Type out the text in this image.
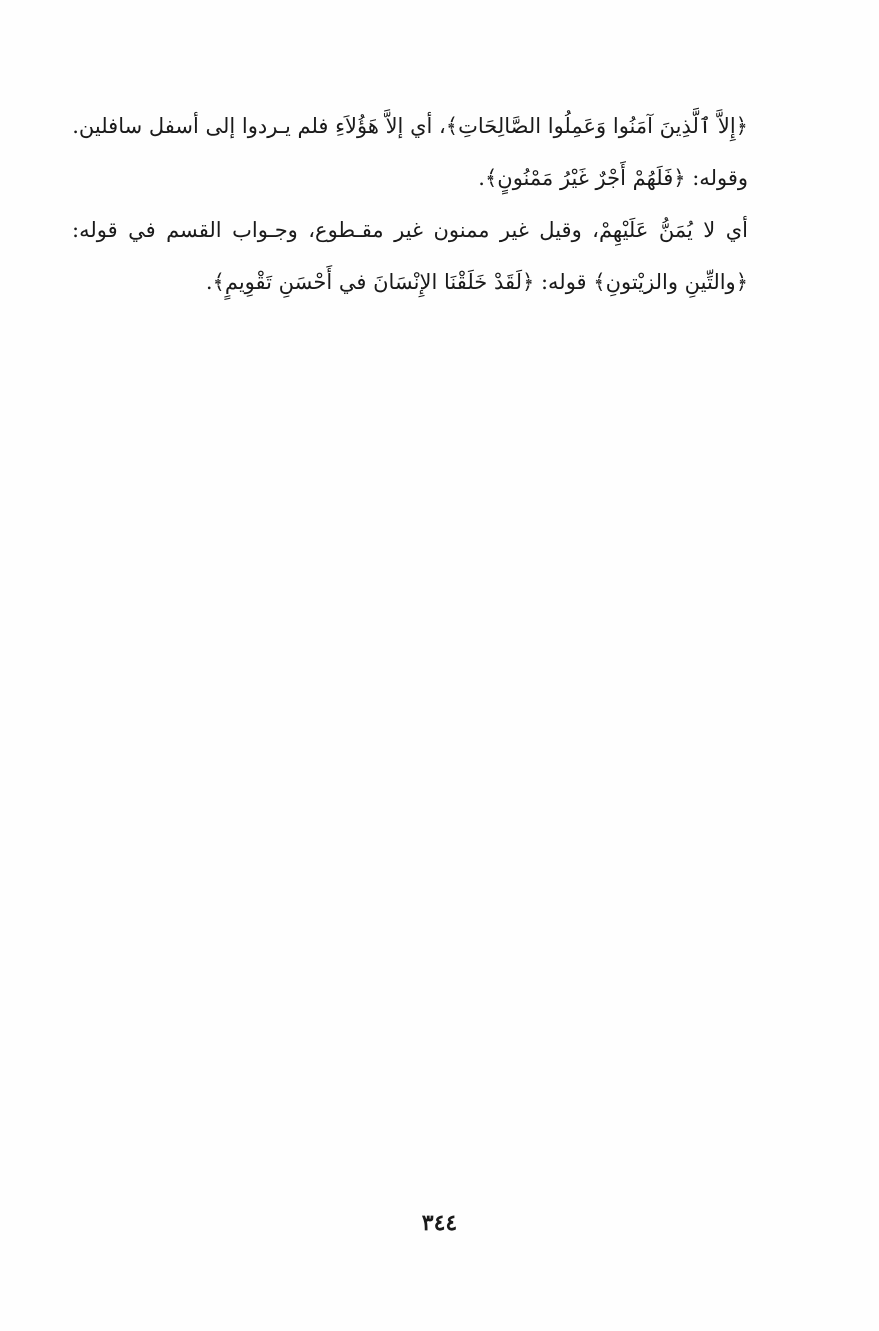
﴿إِلاَّ ٱلَّذِينَ آمَنُوا وَعَمِلُوا الصَّالِحَاتِ﴾، أي إلاَّ هَؤُلاَءِ فلم يـردوا إلى أسفل سافلين.

وقوله: ﴿فَلَهُمْ أَجْرٌ غَيْرُ مَمْنُونٍ﴾.

أي لا يُمَنُّ عَلَيْهِمْ، وقيل غير ممنون غير مقـطوع، وجـواب القسم في قوله: ﴿والتِّينِ والزيْتونِ﴾ قوله: ﴿لَقَدْ خَلَقْنَا الإِنْسَانَ في أَحْسَنِ تَقْوِيمٍ﴾.

٣٤٤
